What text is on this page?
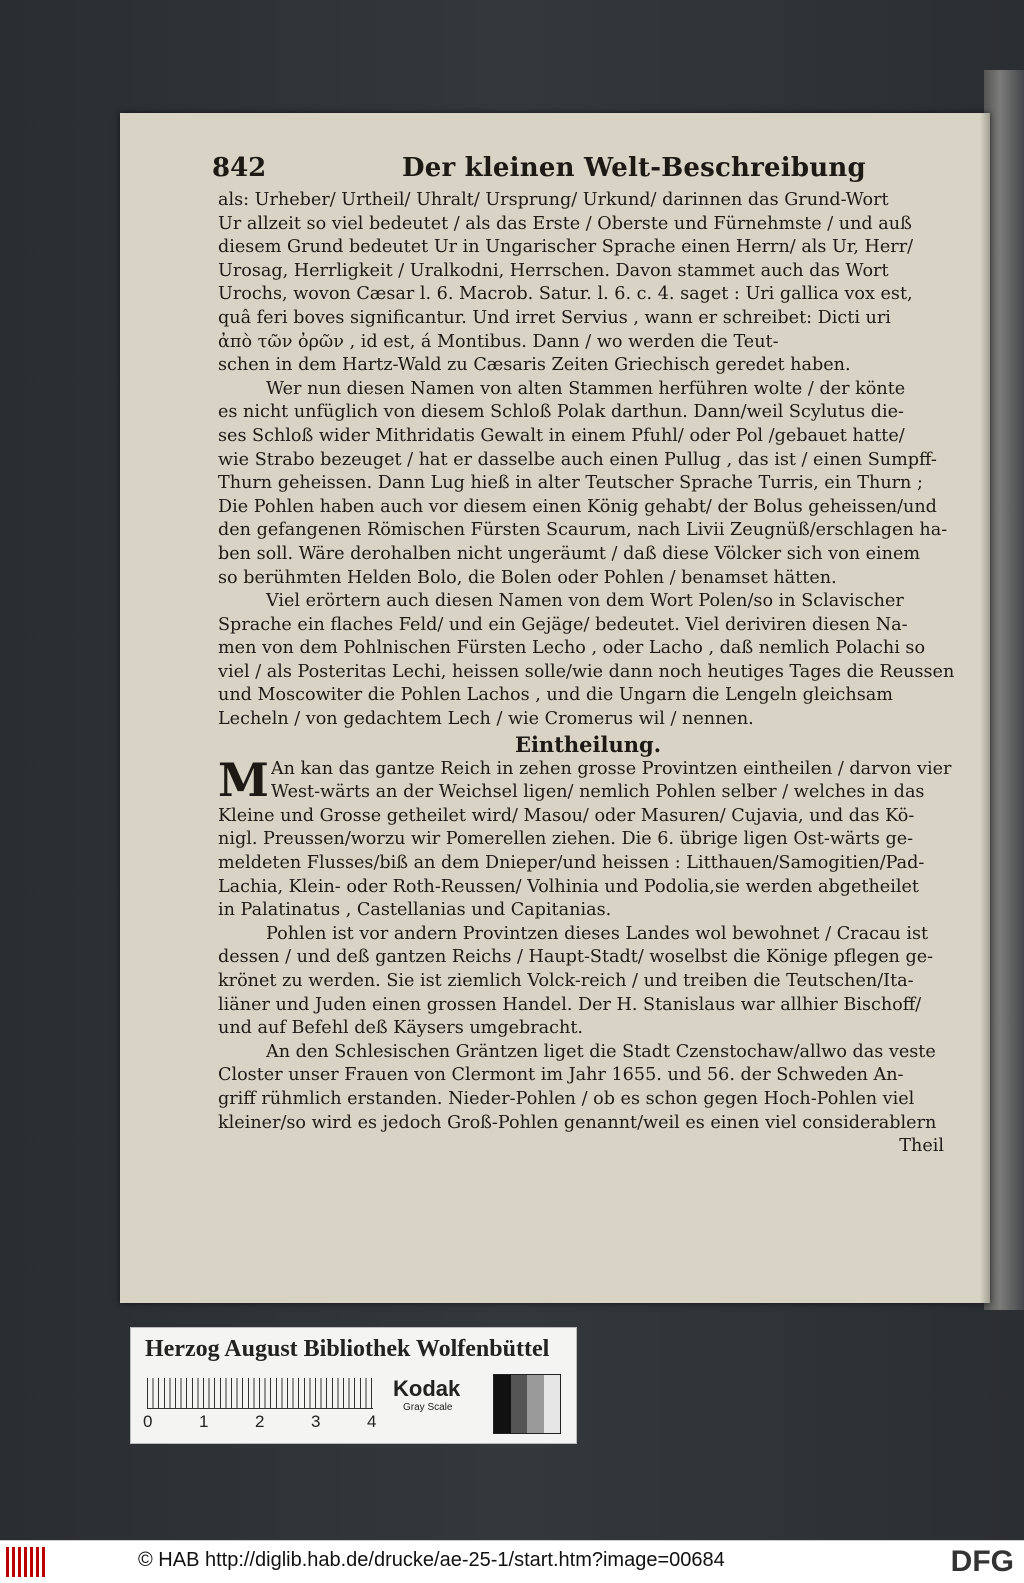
842	Der kleinen Welt-Beschreibung
als: Urheber/ Urtheil/ Uhralt/ Ursprung/ Urkund/ darinnen das Grund-Wort
Ur allzeit so viel bedeutet / als das Erste / Oberste und Fürnehmste / und auß
diesem Grund bedeutet Ur in Ungarischer Sprache einen Herrn/ als Ur, Herr/
Urosag, Herrligkeit / Uralkodni, Herrschen. Davon stammet auch das Wort
Urochs, wovon Cæsar l. 6. Macrob. Satur. l. 6. c. 4. saget : Uri gallica vox est,
quâ feri boves significantur. Und irret Servius , wann er schreibet: Dicti uri
ἀπὸ τῶν ὀρῶν , id est, á Montibus. Dann / wo werden die Teut-
schen in dem Hartz-Wald zu Cæsaris Zeiten Griechisch geredet haben.
Wer nun diesen Namen von alten Stammen herführen wolte / der könte
es nicht unfüglich von diesem Schloß Polak darthun. Dann/weil Scylutus die-
ses Schloß wider Mithridatis Gewalt in einem Pfuhl/ oder Pol /gebauet hatte/
wie Strabo bezeuget / hat er dasselbe auch einen Pullug , das ist / einen Sumpff-
Thurn geheissen. Dann Lug hieß in alter Teutscher Sprache Turris, ein Thurn ;
Die Pohlen haben auch vor diesem einen König gehabt/ der Bolus geheissen/und
den gefangenen Römischen Fürsten Scaurum, nach Livii Zeugnüß/erschlagen ha-
ben soll. Wäre derohalben nicht ungeräumt / daß diese Völcker sich von einem
so berühmten Helden Bolo, die Bolen oder Pohlen / benamset hätten.
Viel erörtern auch diesen Namen von dem Wort Polen/so in Sclavischer
Sprache ein flaches Feld/ und ein Gejäge/ bedeutet. Viel deriviren diesen Na-
men von dem Pohlnischen Fürsten Lecho , oder Lacho , daß nemlich Polachi so
viel / als Posteritas Lechi, heissen solle/wie dann noch heutiges Tages die Reussen
und Moscowiter die Pohlen Lachos , und die Ungarn die Lengeln gleichsam
Lecheln / von gedachtem Lech / wie Cromerus wil / nennen.
Eintheilung.
M An kan das gantze Reich in zehen grosse Provintzen eintheilen / darvon vier
West-wärts an der Weichsel ligen/ nemlich Pohlen selber / welches in das
Kleine und Grosse getheilet wird/ Masou/ oder Masuren/ Cujavia, und das Kö-
nigl. Preussen/worzu wir Pomerellen ziehen. Die 6. übrige ligen Ost-wärts ge-
meldeten Flusses/biß an dem Dnieper/und heissen : Litthauen/Samogitien/Pad-
Lachia, Klein- oder Roth-Reussen/ Volhinia und Podolia,sie werden abgetheilet
in Palatinatus , Castellanias und Capitanias.
Pohlen ist vor andern Provintzen dieses Landes wol bewohnet / Cracau ist
dessen / und deß gantzen Reichs / Haupt-Stadt/ woselbst die Könige pflegen ge-
krönet zu werden. Sie ist ziemlich Volck-reich / und treiben die Teutschen/Ita-
liäner und Juden einen grossen Handel. Der H. Stanislaus war allhier Bischoff/
und auf Befehl deß Käysers umgebracht.
An den Schlesischen Gräntzen liget die Stadt Czenstochaw/allwo das veste
Closter unser Frauen von Clermont im Jahr 1655. und 56. der Schweden An-
griff rühmlich erstanden. Nieder-Pohlen / ob es schon gegen Hoch-Pohlen viel
kleiner/so wird es jedoch Groß-Pohlen genannt/weil es einen viel considerablern
Theil
Herzog August Bibliothek Wolfenbüttel
0	1	2	3	4
Kodak
Gray Scale
© HAB http://diglib.hab.de/drucke/ae-25-1/start.htm?image=00684	DFG
